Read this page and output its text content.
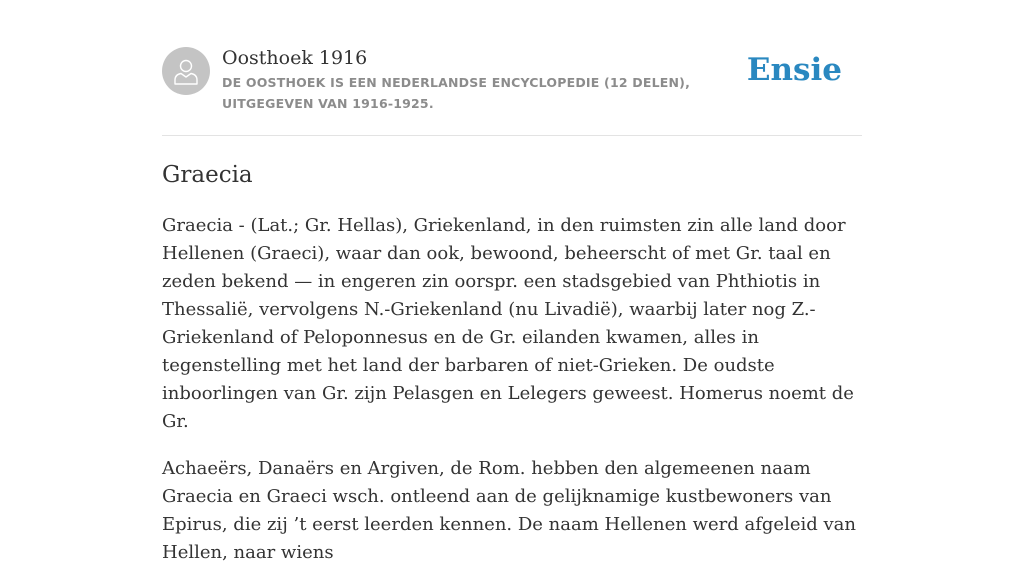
Oosthoek 1916
DE OOSTHOEK IS EEN NEDERLANDSE ENCYCLOPEDIE (12 DELEN), UITGEGEVEN VAN 1916-1925.
Ensie
Graecia

Graecia - (Lat.; Gr. Hellas), Griekenland, in den ruimsten zin alle land door Hellenen (Graeci), waar dan ook, bewoond, beheerscht of met Gr. taal en zeden bekend — in engeren zin oorspr. een stadsgebied van Phthiotis in Thessalië, vervolgens N.-Griekenland (nu Livadië), waarbij later nog Z.-Griekenland of Peloponnesus en de Gr. eilanden kwamen, alles in tegenstelling met het land der barbaren of niet-Grieken. De oudste inboorlingen van Gr. zijn Pelasgen en Lelegers geweest. Homerus noemt de Gr.

Achaeërs, Danaërs en Argiven, de Rom. hebben den algemeenen naam Graecia en Graeci wsch. ontleend aan de gelijknamige kustbewoners van Epirus, die zij ’t eerst leerden kennen. De naam Hellenen werd afgeleid van Hellen, naar wiens
